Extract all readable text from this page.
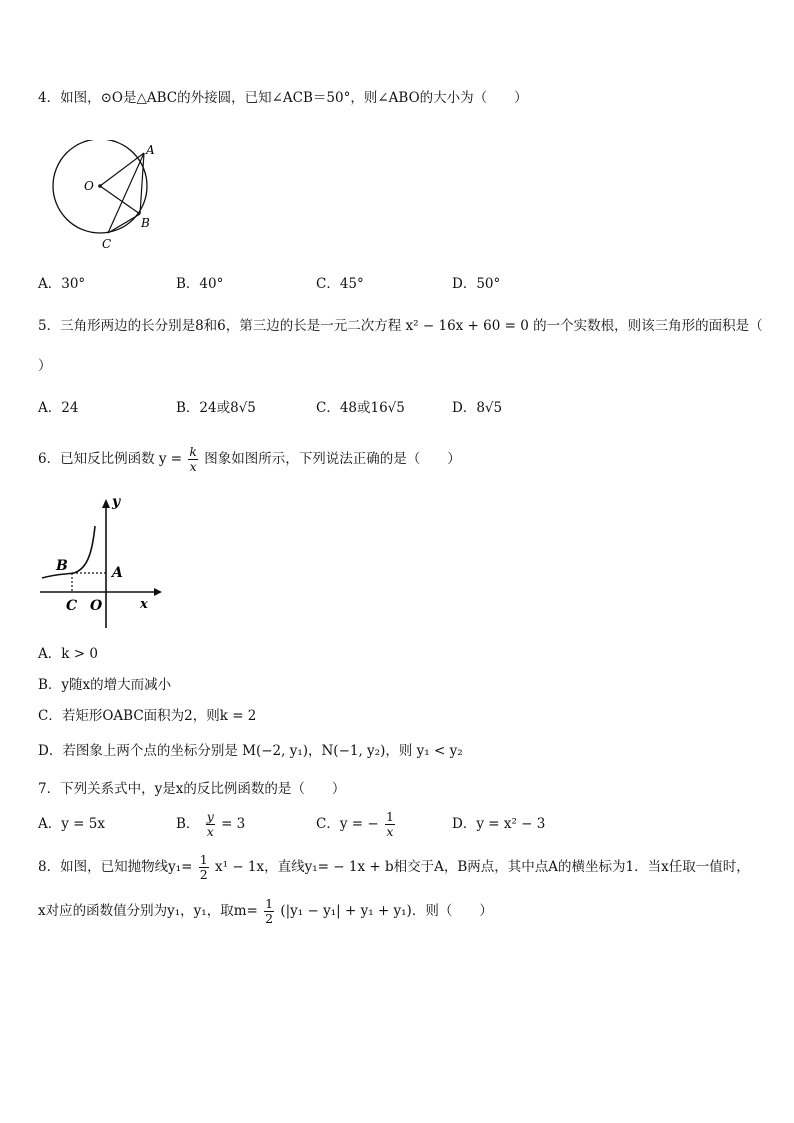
4．如图，⊙O是△ABC的外接圆，已知∠ACB＝50°，则∠ABO的大小为（　　）
O
A
B
C
A．30°	B．40°	C．45°	D．50°
5．三角形两边的长分别是8和6，第三边的长是一元二次方程 x² − 16x + 60 = 0 的一个实数根，则该三角形的面积是（
）
A．24	B．24或8√5	C．48或16√5	D．8√5
6．已知反比例函数 $y = \frac{k}{x}$ 图象如图所示，下列说法正确的是（　　）
y
x
A
B
C O
A．k > 0
B．y随x的增大而减小
C．若矩形OABC面积为2，则k = 2
D．若图象上两个点的坐标分别是 M(−2, y₁)，N(−1, y₂)，则 y₁ < y₂
7．下列关系式中，y是x的反比例函数的是（　　）
A．y = 5x	B． $\frac{y}{x} = 3$	C．y = − $\frac{1}{x}$	D．y = x² − 3
8．如图，已知抛物线$y_1= \frac{1}{2} x^1 - 1x$，直线y₁= − 1x + b相交于A，B两点，其中点A的横坐标为1．当x任取一值时，
x对应的函数值分别为y₁，y₁，取$m= \frac{1}{2} (|y_1 - y_1| + y_1 + y_1)$．则（　　）
